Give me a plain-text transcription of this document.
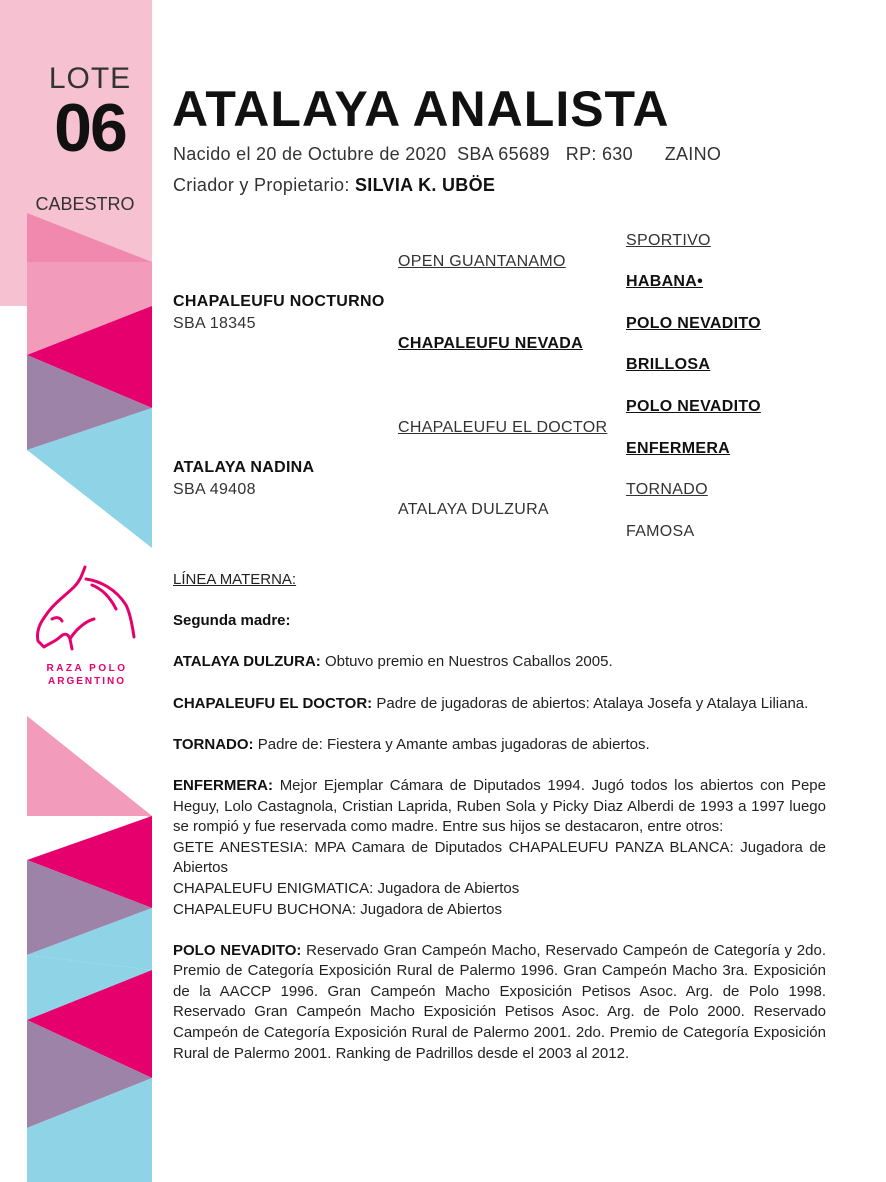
LOTE
06
CABESTRO
ATALAYA ANALISTA
Nacido el 20 de Octubre de 2020  SBA 65689   RP: 630      ZAINO
Criador y Propietario: SILVIA K. UBÖE
CHAPALEUFU NOCTURNO
SBA 18345
ATALAYA NADINA
SBA 49408
OPEN GUANTANAMO
CHAPALEUFU NEVADA
CHAPALEUFU EL DOCTOR
ATALAYA DULZURA
SPORTIVO
HABANA•
POLO NEVADITO
BRILLOSA
POLO NEVADITO
ENFERMERA
TORNADO
FAMOSA
RAZA POLO
ARGENTINO

LÍNEA MATERNA:

Segunda madre:

ATALAYA DULZURA: Obtuvo premio en Nuestros Caballos 2005.

CHAPALEUFU EL DOCTOR: Padre de jugadoras de abiertos: Atalaya Josefa y Atalaya Liliana.

TORNADO: Padre de: Fiestera y Amante ambas jugadoras de abiertos.

ENFERMERA: Mejor Ejemplar Cámara de Diputados 1994. Jugó todos los abiertos con Pepe Heguy, Lolo Castagnola, Cristian Laprida, Ruben Sola y Picky Diaz Alberdi de 1993 a 1997 luego se rompió y fue reservada como madre. Entre sus hijos se destacaron, entre otros:
GETE ANESTESIA: MPA Camara de Diputados CHAPALEUFU PANZA BLANCA: Jugadora de Abiertos
CHAPALEUFU ENIGMATICA: Jugadora de Abiertos
CHAPALEUFU BUCHONA: Jugadora de Abiertos

POLO NEVADITO: Reservado Gran Campeón Macho, Reservado Campeón de Categoría y 2do. Premio de Categoría Exposición Rural de Palermo 1996. Gran Campeón Macho 3ra. Exposición de la AACCP 1996. Gran Campeón Macho Exposición Petisos Asoc. Arg. de Polo 1998. Reservado Gran Campeón Macho Exposición Petisos Asoc. Arg. de Polo 2000. Reservado Campeón de Categoría Exposición Rural de Palermo 2001. 2do. Premio de Categoría Exposición Rural de Palermo 2001. Ranking de Padrillos desde el 2003 al 2012.
